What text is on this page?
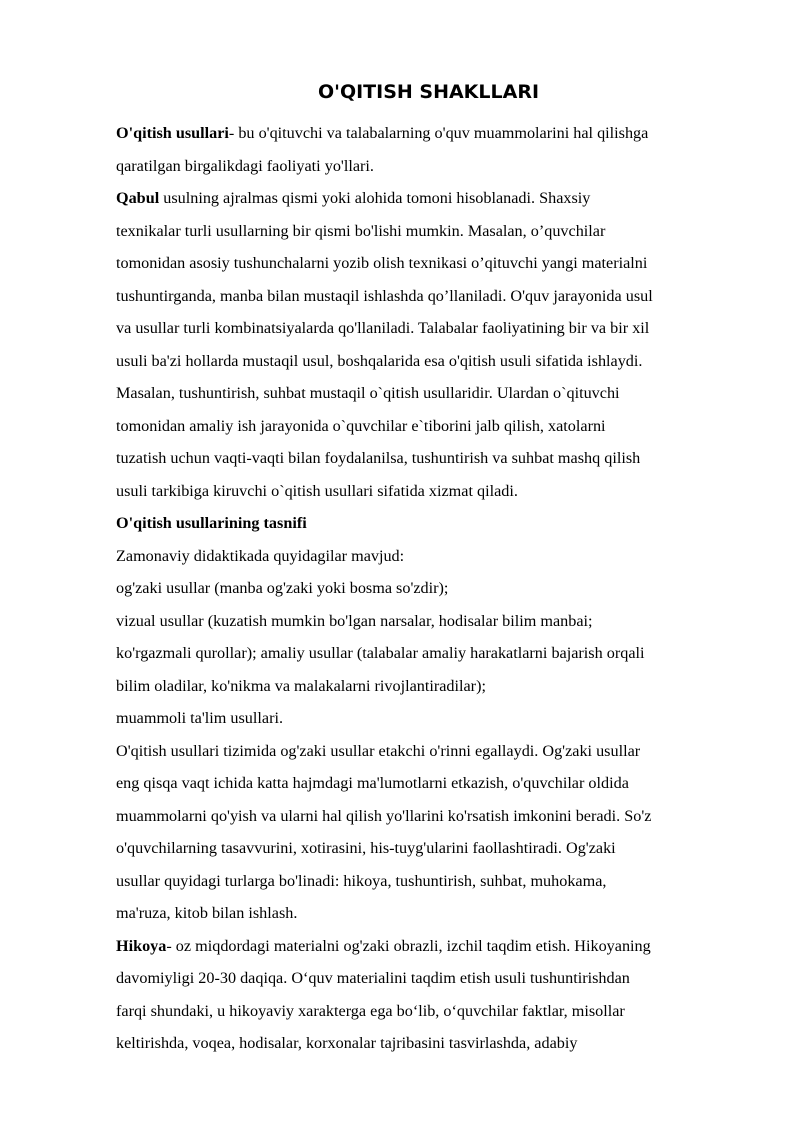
O'QITISH SHAKLLARI
O'qitish usullari- bu o'qituvchi va talabalarning o'quv muammolarini hal qilishga
qaratilgan birgalikdagi faoliyati yo'llari.
Qabul usulning ajralmas qismi yoki alohida tomoni hisoblanadi. Shaxsiy
texnikalar turli usullarning bir qismi bo'lishi mumkin. Masalan, o’quvchilar
tomonidan asosiy tushunchalarni yozib olish texnikasi o’qituvchi yangi materialni
tushuntirganda, manba bilan mustaqil ishlashda qo’llaniladi. O'quv jarayonida usul
va usullar turli kombinatsiyalarda qo'llaniladi. Talabalar faoliyatining bir va bir xil
usuli ba'zi hollarda mustaqil usul, boshqalarida esa o'qitish usuli sifatida ishlaydi.
Masalan, tushuntirish, suhbat mustaqil o`qitish usullaridir. Ulardan o`qituvchi
tomonidan amaliy ish jarayonida o`quvchilar e`tiborini jalb qilish, xatolarni
tuzatish uchun vaqti-vaqti bilan foydalanilsa, tushuntirish va suhbat mashq qilish
usuli tarkibiga kiruvchi o`qitish usullari sifatida xizmat qiladi.
O'qitish usullarining tasnifi
Zamonaviy didaktikada quyidagilar mavjud:
og'zaki usullar (manba og'zaki yoki bosma so'zdir);
vizual usullar (kuzatish mumkin bo'lgan narsalar, hodisalar bilim manbai;
ko'rgazmali qurollar); amaliy usullar (talabalar amaliy harakatlarni bajarish orqali
bilim oladilar, ko'nikma va malakalarni rivojlantiradilar);
muammoli ta'lim usullari.
O'qitish usullari tizimida og'zaki usullar etakchi o'rinni egallaydi. Og'zaki usullar
eng qisqa vaqt ichida katta hajmdagi ma'lumotlarni etkazish, o'quvchilar oldida
muammolarni qo'yish va ularni hal qilish yo'llarini ko'rsatish imkonini beradi. So'z
o'quvchilarning tasavvurini, xotirasini, his-tuyg'ularini faollashtiradi. Og'zaki
usullar quyidagi turlarga bo'linadi: hikoya, tushuntirish, suhbat, muhokama,
ma'ruza, kitob bilan ishlash.
Hikoya- oz miqdordagi materialni og'zaki obrazli, izchil taqdim etish. Hikoyaning
davomiyligi 20-30 daqiqa. O‘quv materialini taqdim etish usuli tushuntirishdan
farqi shundaki, u hikoyaviy xarakterga ega bo‘lib, o‘quvchilar faktlar, misollar
keltirishda, voqea, hodisalar, korxonalar tajribasini tasvirlashda, adabiy
